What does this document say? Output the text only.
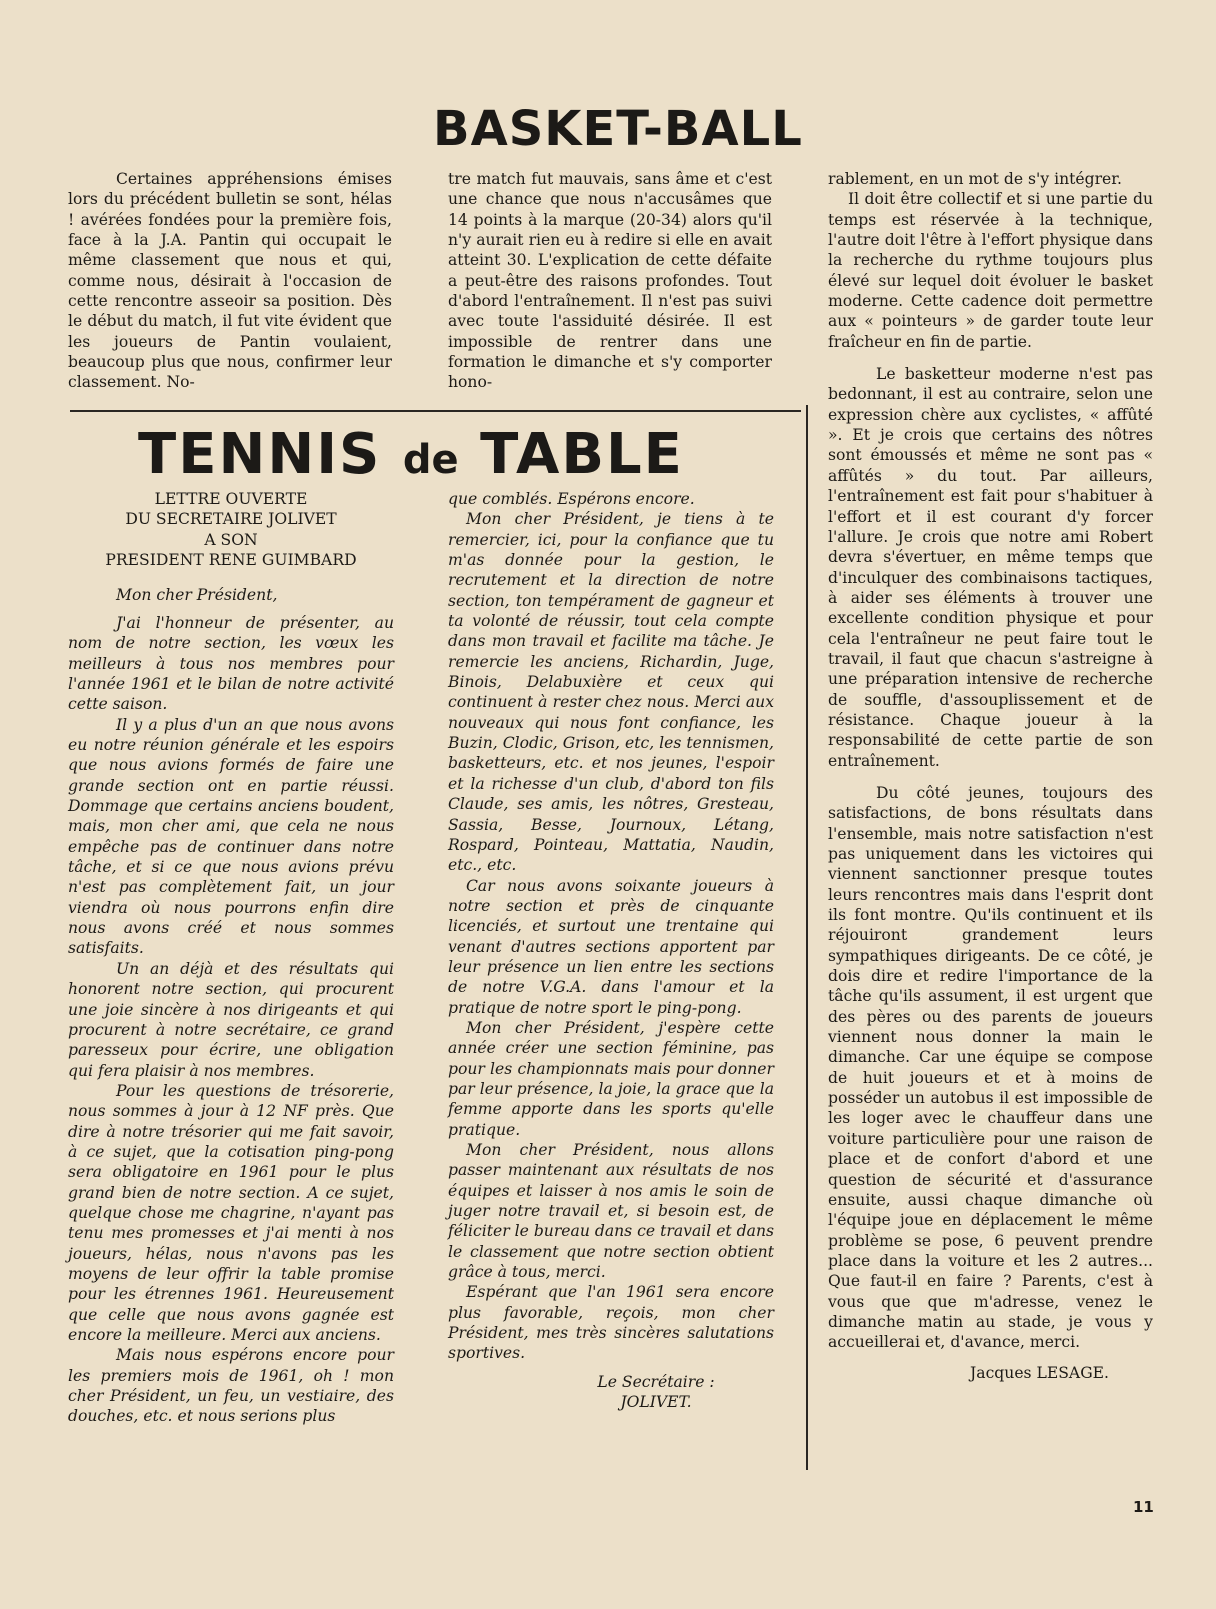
BASKET-BALL

Certaines appréhensions émises lors du précédent bulletin se sont, hélas ! avérées fondées pour la première fois, face à la J.A. Pantin qui occupait le même classement que nous et qui, comme nous, désirait à l'occasion de cette rencontre asseoir sa position. Dès le début du match, il fut vite évident que les joueurs de Pantin voulaient, beaucoup plus que nous, confirmer leur classement. No-

tre match fut mauvais, sans âme et c'est une chance que nous n'accusâmes que 14 points à la marque (20-34) alors qu'il n'y aurait rien eu à redire si elle en avait atteint 30. L'explication de cette défaite a peut-être des raisons profondes. Tout d'abord l'entraînement. Il n'est pas suivi avec toute l'assiduité désirée. Il est impossible de rentrer dans une formation le dimanche et s'y comporter hono-

rablement, en un mot de s'y intégrer.

Il doit être collectif et si une partie du temps est réservée à la technique, l'autre doit l'être à l'effort physique dans la recherche du rythme toujours plus élevé sur lequel doit évoluer le basket moderne. Cette cadence doit permettre aux « pointeurs » de garder toute leur fraîcheur en fin de partie.

Le basketteur moderne n'est pas bedonnant, il est au contraire, selon une expression chère aux cyclistes, « affûté ». Et je crois que certains des nôtres sont émoussés et même ne sont pas « affûtés » du tout. Par ailleurs, l'entraînement est fait pour s'habituer à l'effort et il est courant d'y forcer l'allure. Je crois que notre ami Robert devra s'évertuer, en même temps que d'inculquer des combinaisons tactiques, à aider ses éléments à trouver une excellente condition physique et pour cela l'entraîneur ne peut faire tout le travail, il faut que chacun s'astreigne à une préparation intensive de recherche de souffle, d'assouplissement et de résistance. Chaque joueur à la responsabilité de cette partie de son entraînement.

Du côté jeunes, toujours des satisfactions, de bons résultats dans l'ensemble, mais notre satisfaction n'est pas uniquement dans les victoires qui viennent sanctionner presque toutes leurs rencontres mais dans l'esprit dont ils font montre. Qu'ils continuent et ils réjouiront grandement leurs sympathiques dirigeants. De ce côté, je dois dire et redire l'importance de la tâche qu'ils assument, il est urgent que des pères ou des parents de joueurs viennent nous donner la main le dimanche. Car une équipe se compose de huit joueurs et et à moins de posséder un autobus il est impossible de les loger avec le chauffeur dans une voiture particulière pour une raison de place et de confort d'abord et une question de sécurité et d'assurance ensuite, aussi chaque dimanche où l'équipe joue en déplacement le même problème se pose, 6 peuvent prendre place dans la voiture et les 2 autres... Que faut-il en faire ? Parents, c'est à vous que que m'adresse, venez le dimanche matin au stade, je vous y accueillerai et, d'avance, merci.

Jacques LESAGE.

TENNIS de TABLE

LETTRE OUVERTE

DU SECRETAIRE JOLIVET

A SON

PRESIDENT RENE GUIMBARD

Mon cher Président,

J'ai l'honneur de présenter, au nom de notre section, les vœux les meilleurs à tous nos membres pour l'année 1961 et le bilan de notre activité cette saison.

Il y a plus d'un an que nous avons eu notre réunion générale et les espoirs que nous avions formés de faire une grande section ont en partie réussi. Dommage que certains anciens boudent, mais, mon cher ami, que cela ne nous empêche pas de continuer dans notre tâche, et si ce que nous avions prévu n'est pas complètement fait, un jour viendra où nous pourrons enfin dire nous avons créé et nous sommes satisfaits.

Un an déjà et des résultats qui honorent notre section, qui procurent une joie sincère à nos dirigeants et qui procurent à notre secrétaire, ce grand paresseux pour écrire, une obligation qui fera plaisir à nos membres.

Pour les questions de trésorerie, nous sommes à jour à 12 NF près. Que dire à notre trésorier qui me fait savoir, à ce sujet, que la cotisation ping-pong sera obligatoire en 1961 pour le plus grand bien de notre section. A ce sujet, quelque chose me chagrine, n'ayant pas tenu mes promesses et j'ai menti à nos joueurs, hélas, nous n'avons pas les moyens de leur offrir la table promise pour les étrennes 1961. Heureusement que celle que nous avons gagnée est encore la meilleure. Merci aux anciens.

Mais nous espérons encore pour les premiers mois de 1961, oh ! mon cher Président, un feu, un vestiaire, des douches, etc. et nous serions plus

que comblés. Espérons encore.

Mon cher Président, je tiens à te remercier, ici, pour la confiance que tu m'as donnée pour la gestion, le recrutement et la direction de notre section, ton tempérament de gagneur et ta volonté de réussir, tout cela compte dans mon travail et facilite ma tâche. Je remercie les anciens, Richardin, Juge, Binois, Delabuxière et ceux qui continuent à rester chez nous. Merci aux nouveaux qui nous font confiance, les Buzin, Clodic, Grison, etc, les tennismen, basketteurs, etc. et nos jeunes, l'espoir et la richesse d'un club, d'abord ton fils Claude, ses amis, les nôtres, Gresteau, Sassia, Besse, Journoux, Létang, Rospard, Pointeau, Mattatia, Naudin, etc., etc.

Car nous avons soixante joueurs à notre section et près de cinquante licenciés, et surtout une trentaine qui venant d'autres sections apportent par leur présence un lien entre les sections de notre V.G.A. dans l'amour et la pratique de notre sport le ping-pong.

Mon cher Président, j'espère cette année créer une section féminine, pas pour les championnats mais pour donner par leur présence, la joie, la grace que la femme apporte dans les sports qu'elle pratique.

Mon cher Président, nous allons passer maintenant aux résultats de nos équipes et laisser à nos amis le soin de juger notre travail et, si besoin est, de féliciter le bureau dans ce travail et dans le classement que notre section obtient grâce à tous, merci.

Espérant que l'an 1961 sera encore plus favorable, reçois, mon cher Président, mes très sincères salutations sportives.

Le Secrétaire :

JOLIVET.

11
